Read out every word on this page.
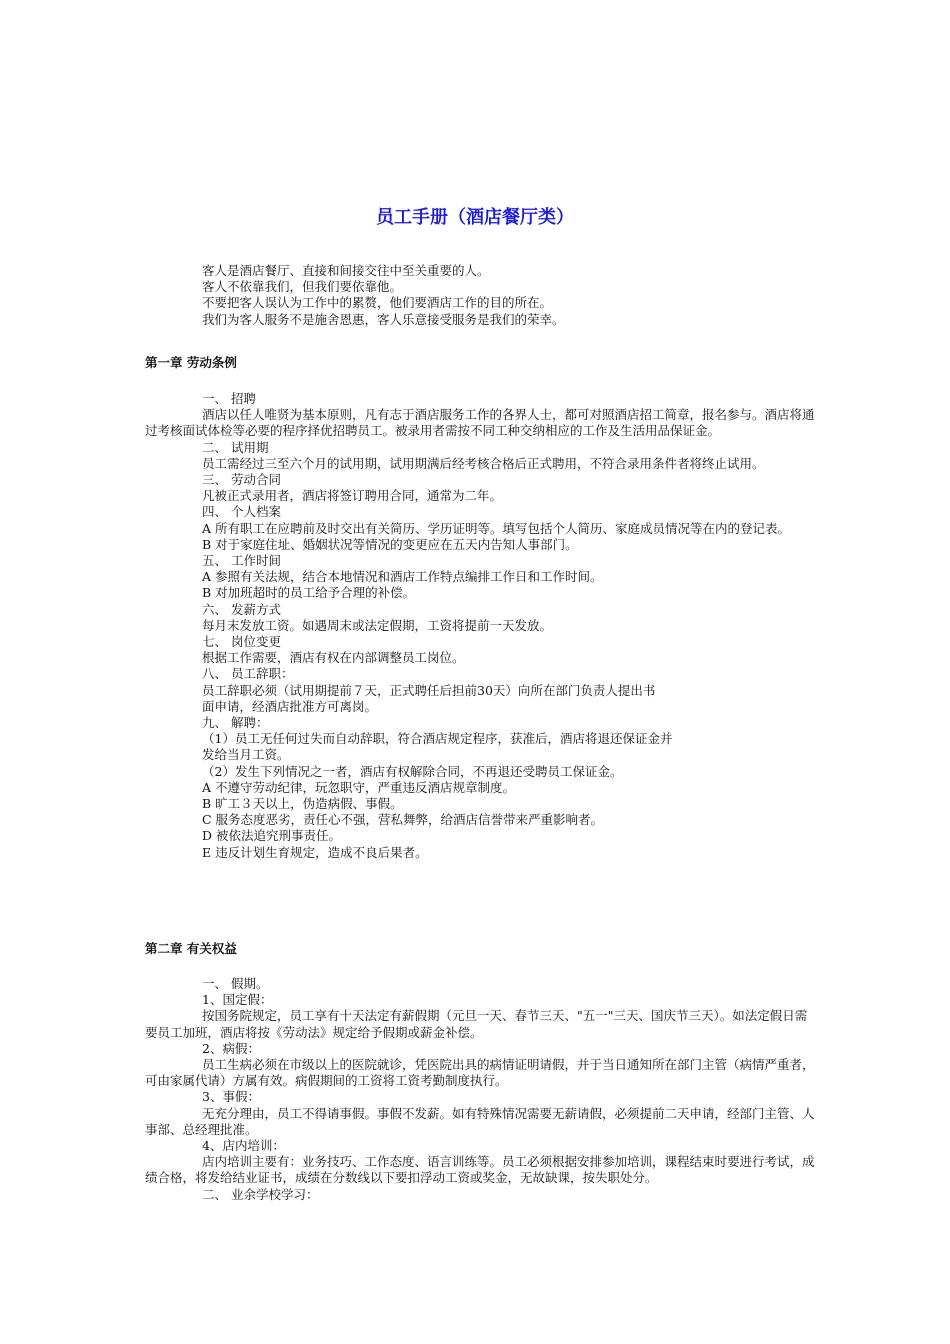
员工手册（酒店餐厅类）

客人是酒店餐厅、直接和间接交往中至关重要的人。

客人不依靠我们，但我们要依靠他。

不要把客人误认为工作中的累赘，他们要酒店工作的目的所在。

我们为客人服务不是施舍恩惠，客人乐意接受服务是我们的荣幸。

第一章 劳动条例

一、 招聘

酒店以任人唯贤为基本原则，凡有志于酒店服务工作的各界人士，都可对照酒店招工简章，报名参与。酒店将通过考核面试体检等必要的程序择优招聘员工。被录用者需按不同工种交纳相应的工作及生活用品保证金。

二、 试用期

员工需经过三至六个月的试用期，试用期满后经考核合格后正式聘用，不符合录用条件者将终止试用。

三、 劳动合同

凡被正式录用者，酒店将签订聘用合同，通常为二年。

四、 个人档案

A 所有职工在应聘前及时交出有关简历、学历证明等。填写包括个人简历、家庭成员情况等在内的登记表。

B 对于家庭住址、婚姻状况等情况的变更应在五天内告知人事部门。

五、 工作时间

A 参照有关法规，结合本地情况和酒店工作特点编排工作日和工作时间。

B 对加班超时的员工给予合理的补偿。

六、 发薪方式

每月末发放工资。如遇周末或法定假期，工资将提前一天发放。

七、 岗位变更

根据工作需要，酒店有权在内部调整员工岗位。

八、 员工辞职：

员工辞职必须（试用期提前７天，正式聘任后担前30天）向所在部门负责人提出书

面申请，经酒店批准方可离岗。

九、 解聘：

（1）员工无任何过失而自动辞职，符合酒店规定程序，获准后，酒店将退还保证金并

发给当月工资。

（2）发生下列情况之一者，酒店有权解除合同，不再退还受聘员工保证金。

A 不遵守劳动纪律，玩忽职守，严重违反酒店规章制度。

B 旷工３天以上，伪造病假、事假。

C 服务态度恶劣，责任心不强，营私舞弊，给酒店信誉带来严重影响者。

D 被依法追究刑事责任。

E 违反计划生育规定，造成不良后果者。

第二章 有关权益

一、 假期。

1、国定假：

按国务院规定，员工享有十天法定有薪假期（元旦一天、春节三天、"五一"三天、国庆节三天）。如法定假日需要员工加班，酒店将按《劳动法》规定给予假期或薪金补偿。

2、病假：

员工生病必须在市级以上的医院就诊，凭医院出具的病情证明请假，并于当日通知所在部门主管（病情严重者，可由家属代请）方属有效。病假期间的工资将工资考勤制度执行。

3、事假：

无充分理由，员工不得请事假。事假不发薪。如有特殊情况需要无薪请假，必须提前二天申请，经部门主管、人事部、总经理批准。

4、店内培训：

店内培训主要有：业务技巧、工作态度、语言训练等。员工必须根据安排参加培训，课程结束时要进行考试，成绩合格，将发给结业证书，成绩在分数线以下要扣浮动工资或奖金，无故缺课，按失职处分。

二、 业余学校学习：
